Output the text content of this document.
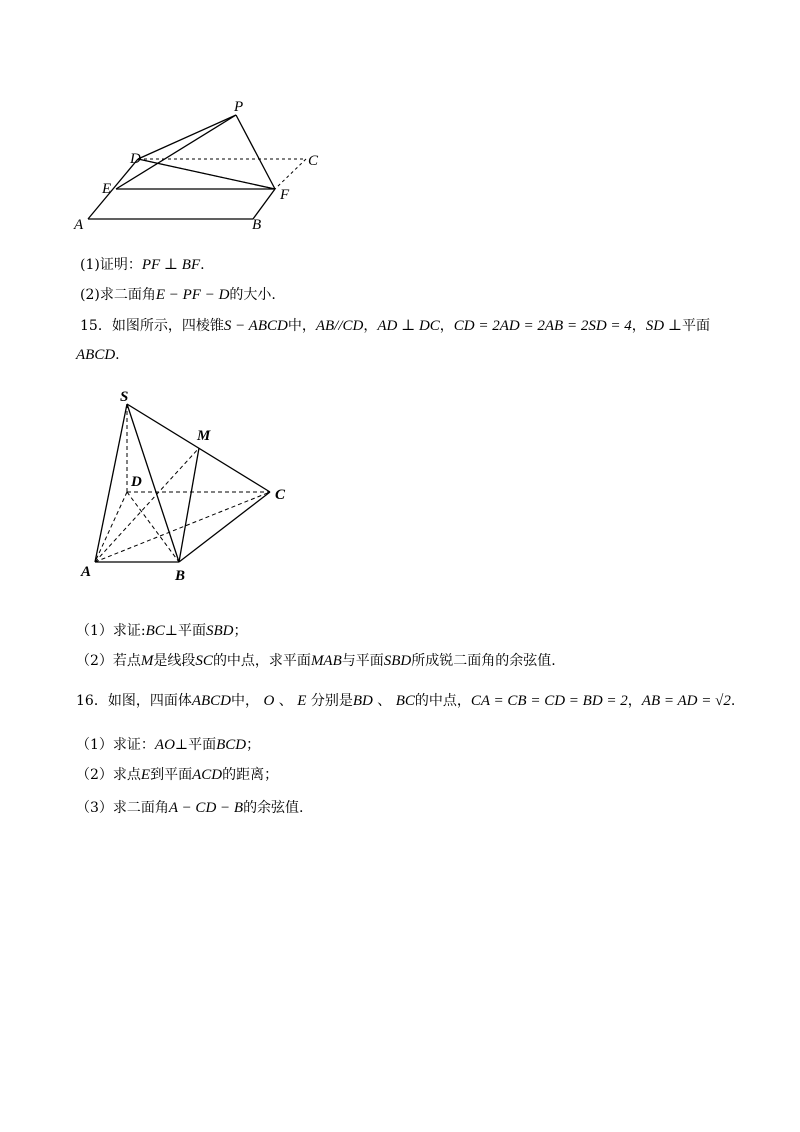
P
D	C
E	F
A	B
(1)证明：PF ⊥ BF.
(2)求二面角E − PF − D的大小.
15．如图所示，四棱锥S − ABCD中，AB//CD，AD ⊥ DC，CD = 2AD = 2AB = 2SD = 4，SD ⊥平面
ABCD.
S
M
D
C
A	B
（1）求证:BC⊥平面SBD；
（2）若点M是线段SC的中点，求平面MAB与平面SBD所成锐二面角的余弦值.
16．如图，四面体ABCD中， O 、 E 分别是BD 、 BC的中点，CA = CB = CD = BD = 2，AB = AD = √2.
（1）求证：AO⊥平面BCD；
（2）求点E到平面ACD的距离；
（3）求二面角A − CD − B的余弦值.
